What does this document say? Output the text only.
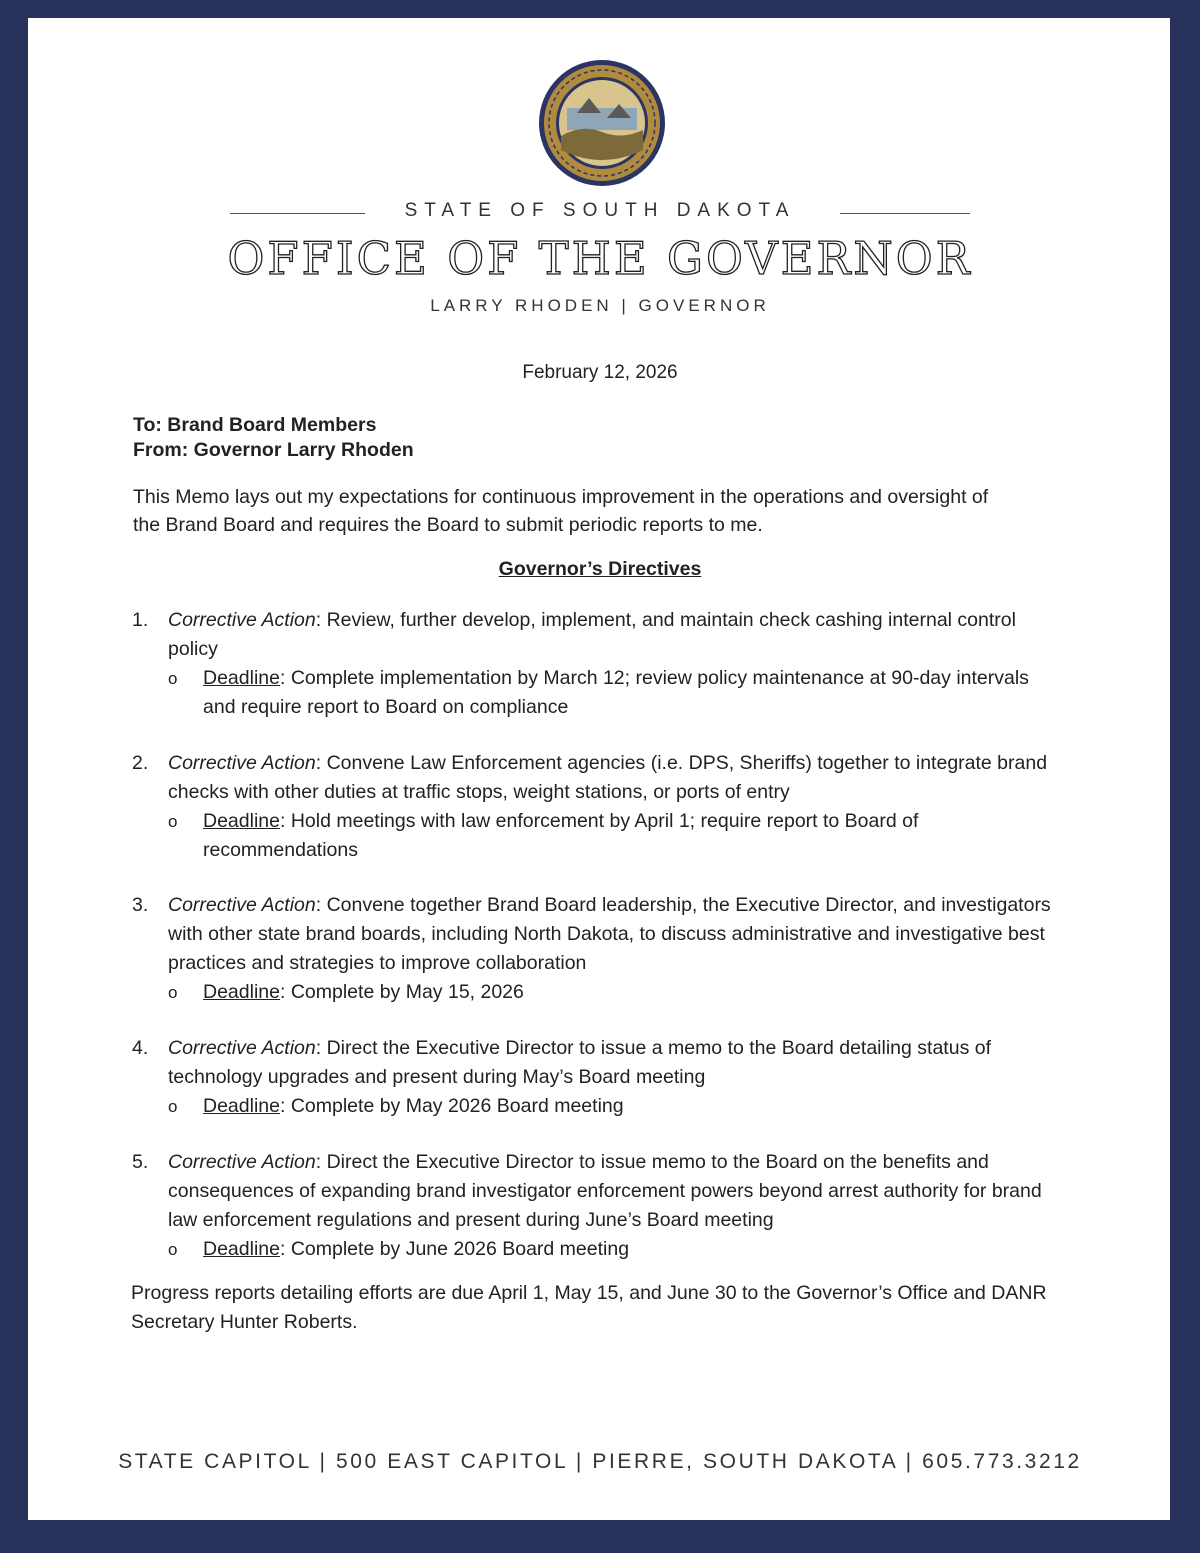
STATE OF SOUTH DAKOTA
OFFICE OF THE GOVERNOR
LARRY RHODEN | GOVERNOR
February 12, 2026
To: Brand Board Members
From: Governor Larry Rhoden
This Memo lays out my expectations for continuous improvement in the operations and oversight of the Brand Board and requires the Board to submit periodic reports to me.
Governor’s Directives
1. Corrective Action: Review, further develop, implement, and maintain check cashing internal control policy
o Deadline: Complete implementation by March 12; review policy maintenance at 90-day intervals and require report to Board on compliance
2. Corrective Action: Convene Law Enforcement agencies (i.e. DPS, Sheriffs) together to integrate brand checks with other duties at traffic stops, weight stations, or ports of entry
o Deadline: Hold meetings with law enforcement by April 1; require report to Board of recommendations
3. Corrective Action: Convene together Brand Board leadership, the Executive Director, and investigators with other state brand boards, including North Dakota, to discuss administrative and investigative best practices and strategies to improve collaboration
o Deadline: Complete by May 15, 2026
4. Corrective Action: Direct the Executive Director to issue a memo to the Board detailing status of technology upgrades and present during May’s Board meeting
o Deadline: Complete by May 2026 Board meeting
5. Corrective Action: Direct the Executive Director to issue memo to the Board on the benefits and consequences of expanding brand investigator enforcement powers beyond arrest authority for brand law enforcement regulations and present during June’s Board meeting
o Deadline: Complete by June 2026 Board meeting
Progress reports detailing efforts are due April 1, May 15, and June 30 to the Governor’s Office and DANR Secretary Hunter Roberts.
STATE CAPITOL | 500 EAST CAPITOL | PIERRE, SOUTH DAKOTA | 605.773.3212
